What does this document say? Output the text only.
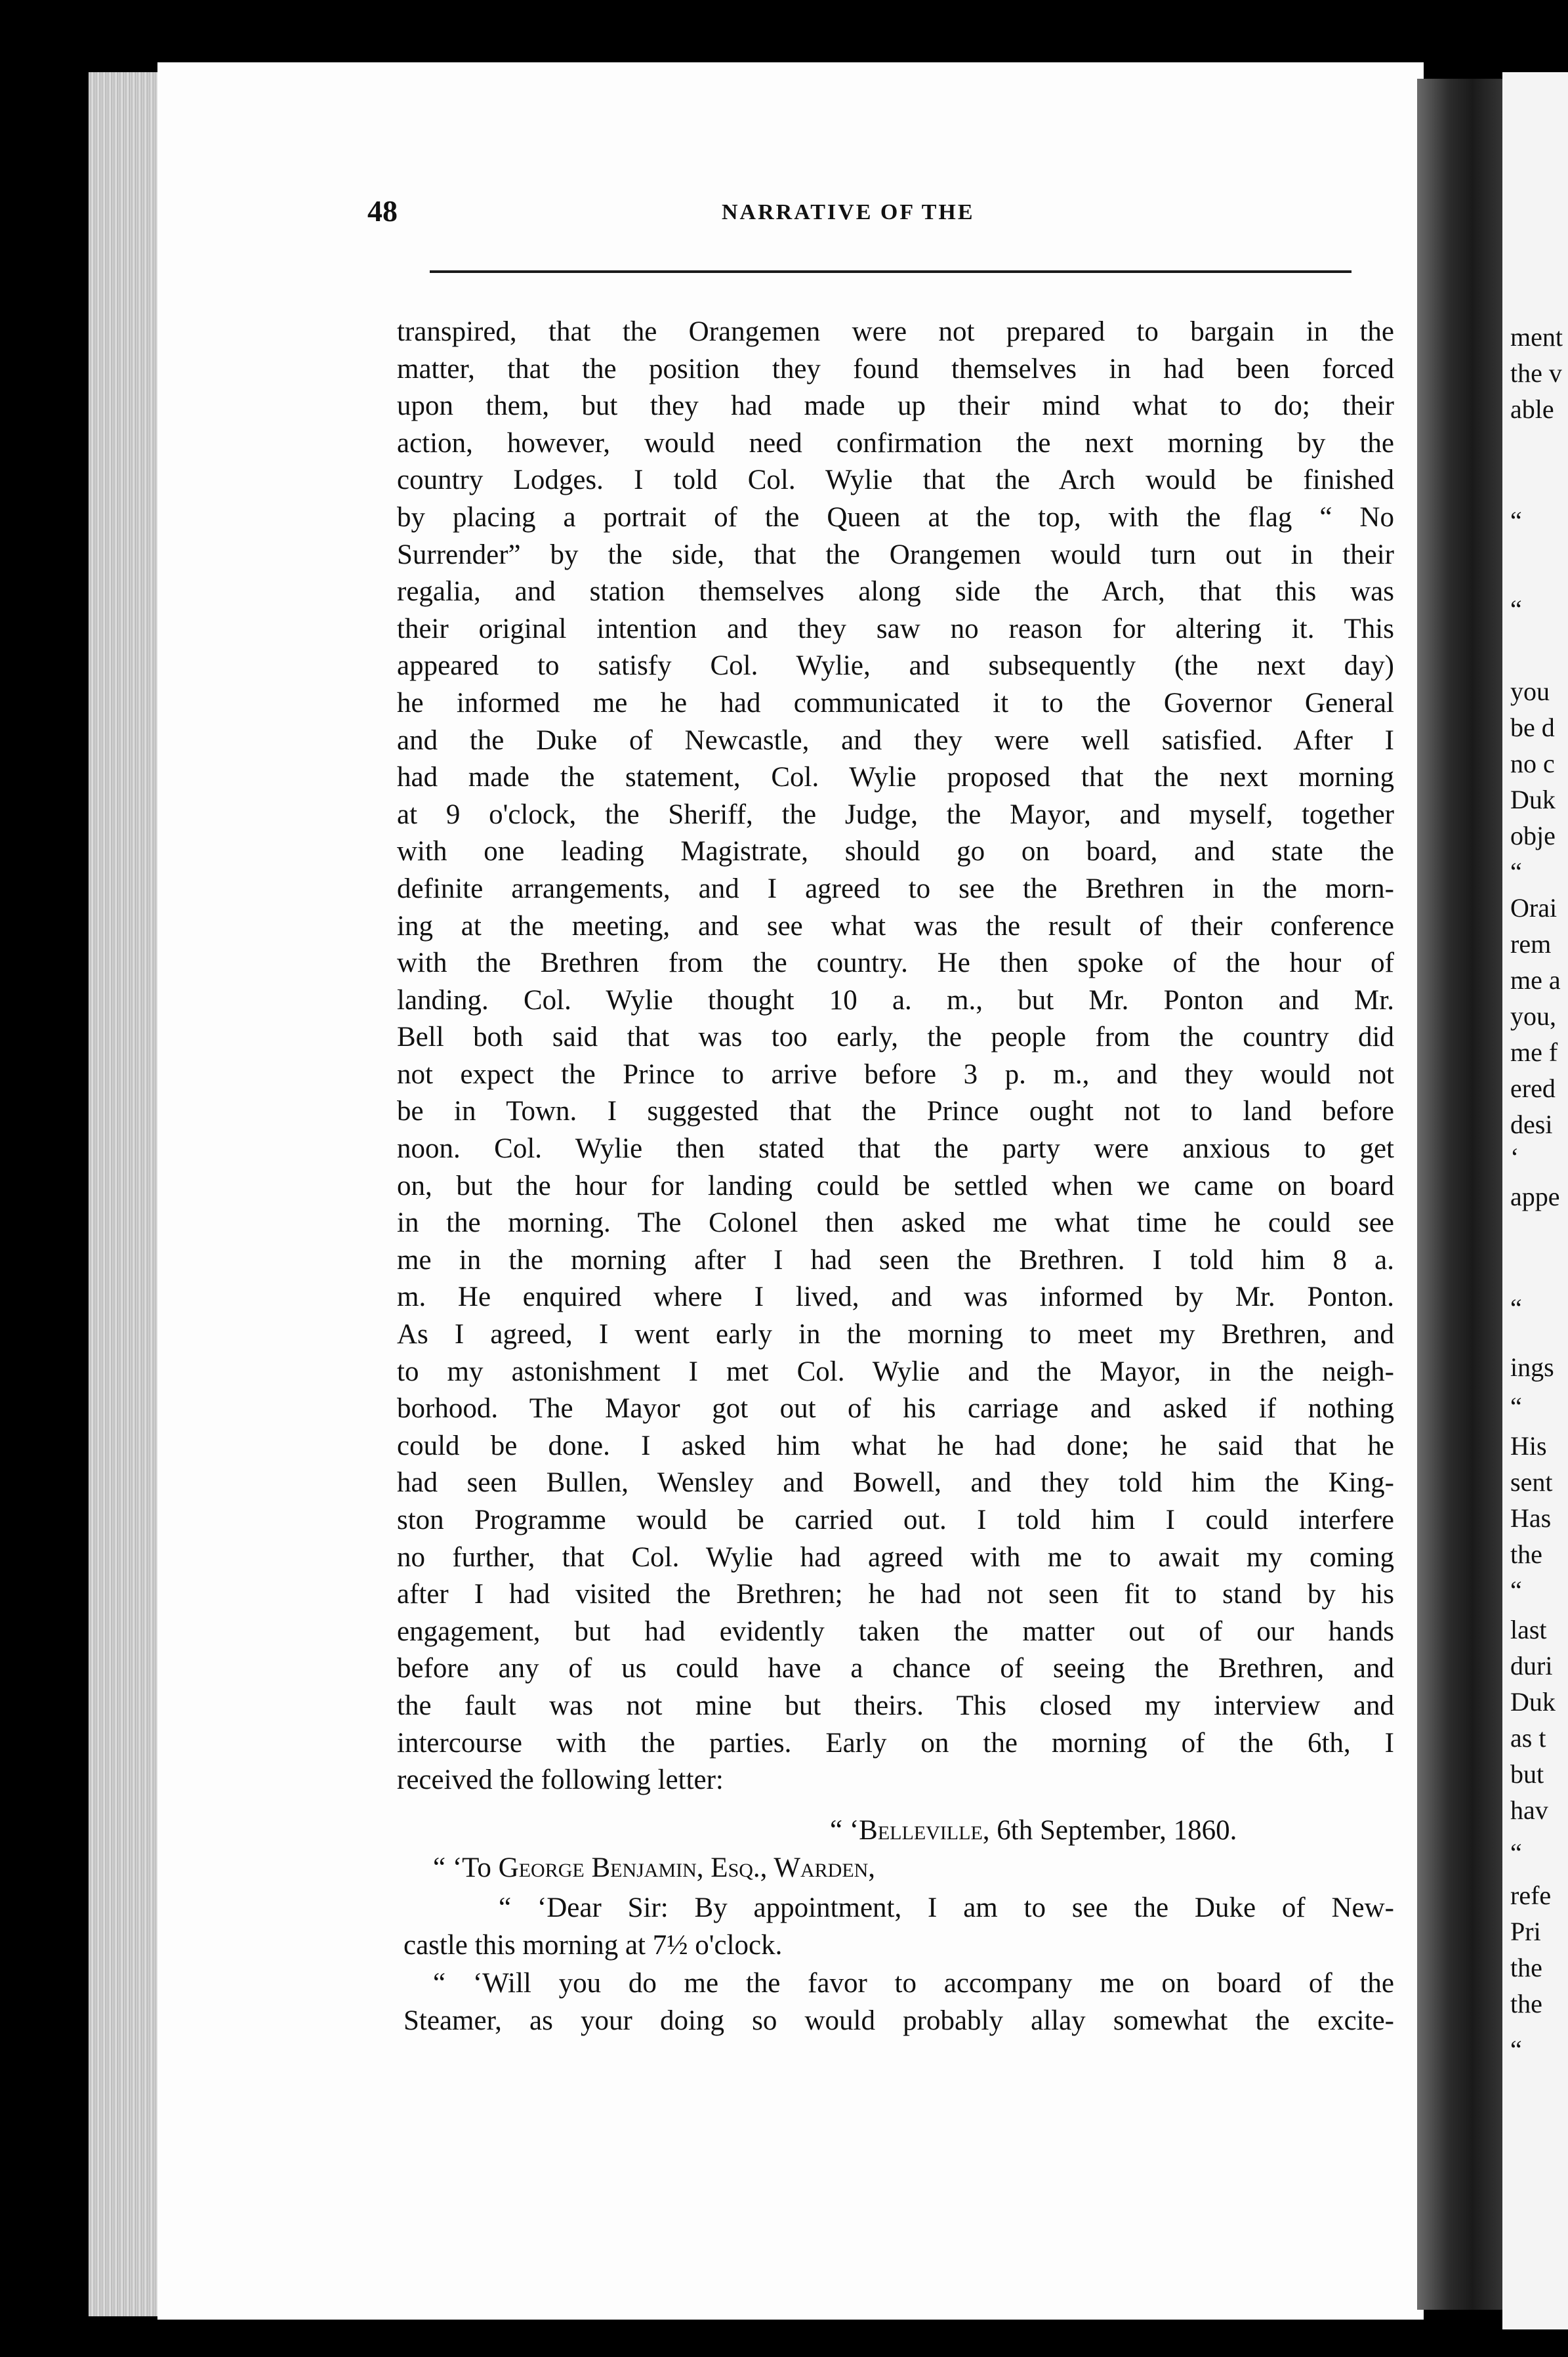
ment
the v
able
“
“
you
be d
no c
Duk
obje
“
Orai
rem
me a
you,
me f
ered
desi
‘
appe
“
ings
“
His
sent
Has
the
“
last
duri
Duk
as t
but
hav
“
refe
Pri
the
the
“
48	NARRATIVE OF THE
transpired, that the Orangemen were not prepared to bargain in the
matter, that the position they found themselves in had been forced
upon them, but they had made up their mind what to do; their
action, however, would need confirmation the next morning by the
country Lodges. I told Col. Wylie that the Arch would be finished
by placing a portrait of the Queen at the top, with the flag “ No
Surrender” by the side, that the Orangemen would turn out in their
regalia, and station themselves along side the Arch, that this was
their original intention and they saw no reason for altering it. This
appeared to satisfy Col. Wylie, and subsequently (the next day)
he informed me he had communicated it to the Governor General
and the Duke of Newcastle, and they were well satisfied. After I
had made the statement, Col. Wylie proposed that the next morning
at 9 o'clock, the Sheriff, the Judge, the Mayor, and myself, together
with one leading Magistrate, should go on board, and state the
definite arrangements, and I agreed to see the Brethren in the morn-
ing at the meeting, and see what was the result of their conference
with the Brethren from the country. He then spoke of the hour of
landing. Col. Wylie thought 10 a. m., but Mr. Ponton and Mr.
Bell both said that was too early, the people from the country did
not expect the Prince to arrive before 3 p. m., and they would not
be in Town. I suggested that the Prince ought not to land before
noon. Col. Wylie then stated that the party were anxious to get
on, but the hour for landing could be settled when we came on board
in the morning. The Colonel then asked me what time he could see
me in the morning after I had seen the Brethren. I told him 8 a.
m. He enquired where I lived, and was informed by Mr. Ponton.
As I agreed, I went early in the morning to meet my Brethren, and
to my astonishment I met Col. Wylie and the Mayor, in the neigh-
borhood. The Mayor got out of his carriage and asked if nothing
could be done. I asked him what he had done; he said that he
had seen Bullen, Wensley and Bowell, and they told him the King-
ston Programme would be carried out. I told him I could interfere
no further, that Col. Wylie had agreed with me to await my coming
after I had visited the Brethren; he had not seen fit to stand by his
engagement, but had evidently taken the matter out of our hands
before any of us could have a chance of seeing the Brethren, and
the fault was not mine but theirs. This closed my interview and
intercourse with the parties. Early on the morning of the 6th, I
received the following letter:
“ ‘Belleville, 6th September, 1860.
“ ‘To George Benjamin, Esq., Warden,
“ ‘Dear Sir: By appointment, I am to see the Duke of New-
castle this morning at 7½ o'clock.
“ ‘Will you do me the favor to accompany me on board of the
Steamer, as your doing so would probably allay somewhat the excite-
